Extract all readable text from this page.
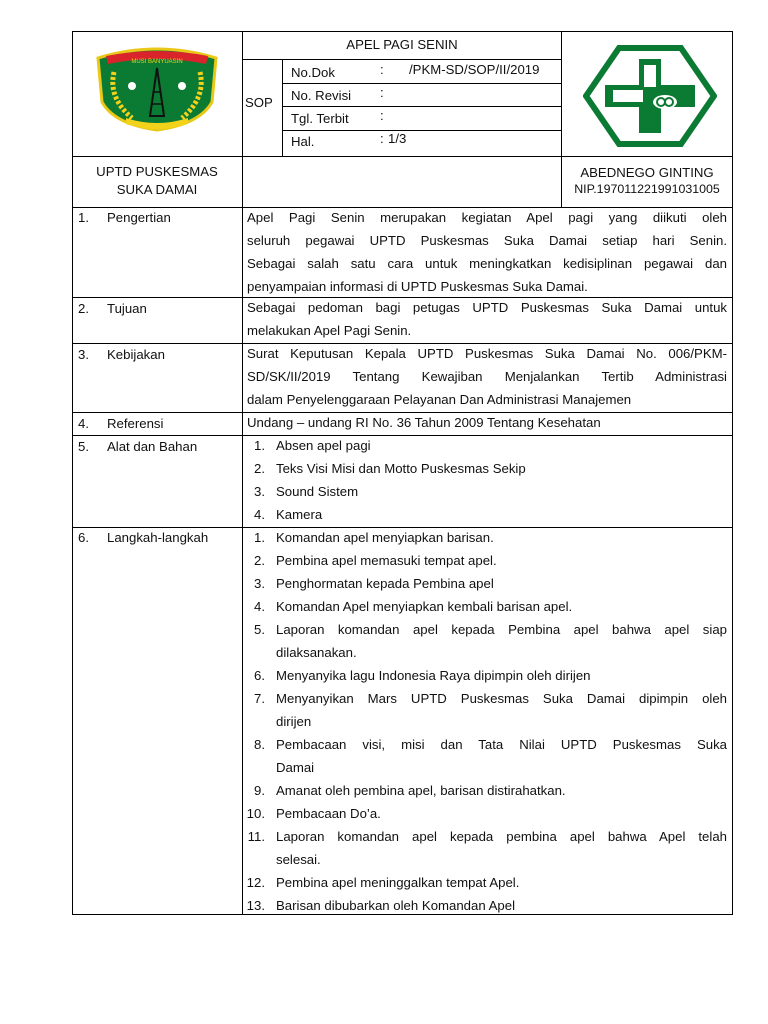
MUSI BANYUASIN
APEL PAGI SENIN
SOP
No.Dok	: /PKM-SD/SOP/II/2019
No. Revisi :
Tgl. Terbit :
Hal.	: 1/3
UPTD PUSKESMAS
SUKA DAMAI
ABEDNEGO GINTING
NIP.197011221991031005
1. Pengertian
2. Tujuan
3. Kebijakan
4. Referensi
5. Alat dan Bahan
6. Langkah-langkah
Apel Pagi Senin merupakan kegiatan Apel pagi yang diikuti oleh
seluruh pegawai UPTD Puskesmas Suka Damai setiap hari Senin.
Sebagai salah satu cara untuk meningkatkan kedisiplinan pegawai dan
penyampaian informasi di UPTD Puskesmas Suka Damai.
Sebagai pedoman bagi petugas UPTD Puskesmas Suka Damai untuk
melakukan Apel Pagi Senin.
Surat Keputusan Kepala UPTD Puskesmas Suka Damai No. 006/PKM-
SD/SK/II/2019 Tentang Kewajiban Menjalankan Tertib Administrasi
dalam Penyelenggaraan Pelayanan Dan Administrasi Manajemen
Undang – undang RI No. 36 Tahun 2009 Tentang Kesehatan
1. Absen apel pagi
2. Teks Visi Misi dan Motto Puskesmas Sekip
3. Sound Sistem
4. Kamera
1. Komandan apel menyiapkan barisan.
2. Pembina apel memasuki tempat apel.
3. Penghormatan kepada Pembina apel
4. Komandan Apel menyiapkan kembali barisan apel.
5. Laporan komandan apel kepada Pembina apel bahwa apel siap
dilaksanakan.
6. Menyanyika lagu Indonesia Raya dipimpin oleh dirijen
7. Menyanyikan Mars UPTD Puskesmas Suka Damai dipimpin oleh
dirijen
8. Pembacaan visi, misi dan Tata Nilai UPTD Puskesmas Suka
Damai
9. Amanat oleh pembina apel, barisan distirahatkan.
10. Pembacaan Do’a.
11. Laporan komandan apel kepada pembina apel bahwa Apel telah
selesai.
12. Pembina apel meninggalkan tempat Apel.
13. Barisan dibubarkan oleh Komandan Apel
